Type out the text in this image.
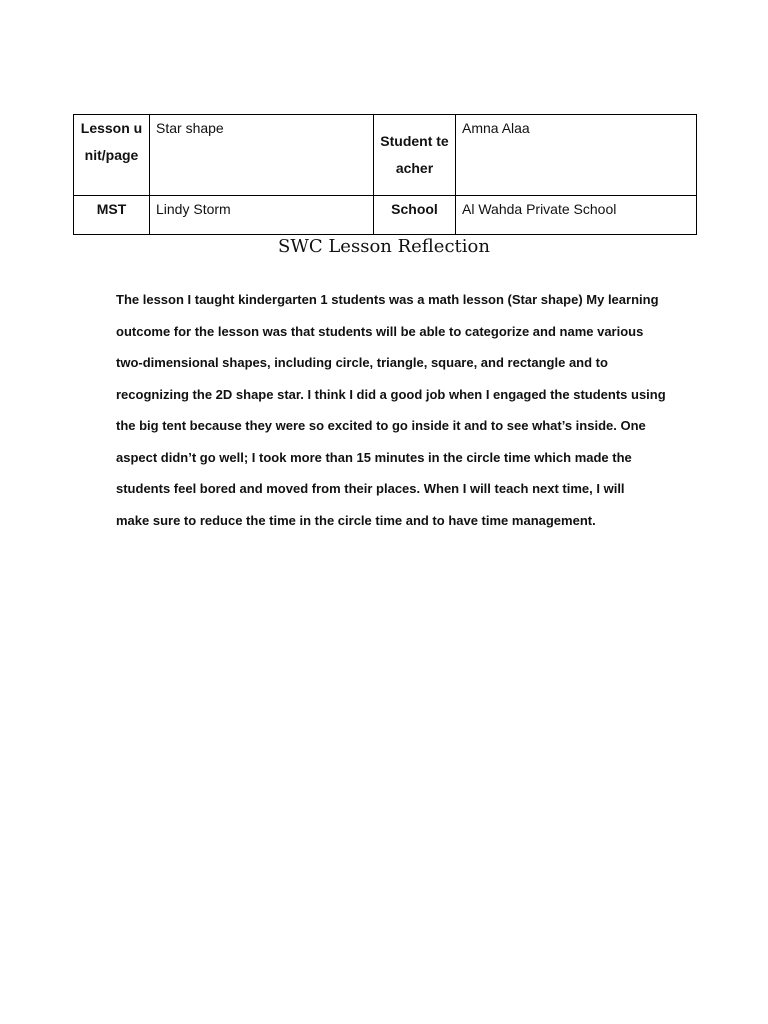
Lesson unit/page	Star shape	Student teacher	Amna Alaa
MST	Lindy Storm	School	Al Wahda Private School
SWC Lesson Reflection

The lesson I taught kindergarten 1 students was a math lesson (Star shape) My learning
outcome for the lesson was that students will be able to categorize and name various
two-dimensional shapes, including circle, triangle, square, and rectangle and to
recognizing the 2D shape star. I think I did a good job when I engaged the students using
the big tent because they were so excited to go inside it and to see what’s inside. One
aspect didn’t go well; I took more than 15 minutes in the circle time which made the
students feel bored and moved from their places. When I will teach next time, I will
make sure to reduce the time in the circle time and to have time management.
